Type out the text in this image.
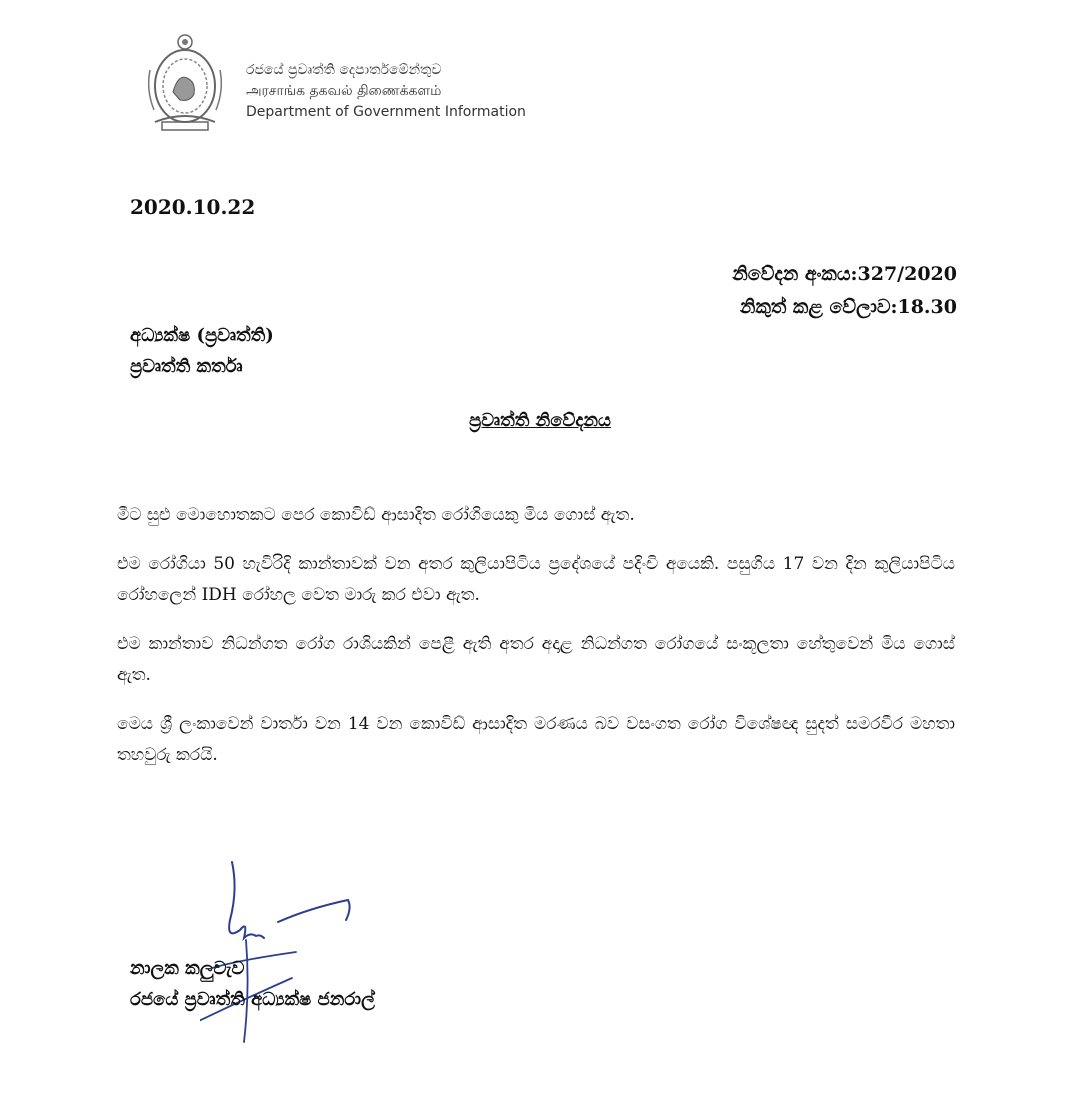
රජයේ ප්‍රවෘත්ති දෙපාර්තමේන්තුව
அரசாங்க தகவல் திணைக்களம்
Department of Government Information
2020.10.22
නිවේදන අංකය:327/2020
නිකුත් කළ වේලාව:18.30
අධ්‍යක්ෂ (ප්‍රවෘත්ති)
ප්‍රවෘත්ති කර්තෘ
ප්‍රවෘත්ති නිවේදනය

මීට සුළු මොහොතකට පෙර කොවිඩ් ආසාදිත රෝගියෙකු මිය ගොස් ඇත.

එම රෝගියා 50 හැවිරිදි කාන්තාවක් වන අතර කුලියාපිටිය ප්‍රදේශයේ පදිංචි අයෙකි. පසුගිය 17 වන දින කුලියාපිටිය රෝහලෙන් IDH රෝහල වෙත මාරු කර එවා ඇත.

එම කාන්තාව නිධන්ගත රෝග රාශියකින් පෙළී ඇති අතර අදාළ නිධන්ගත රෝගයේ සංකූලතා හේතුවෙන් මිය ගොස් ඇත.

මෙය ශ්‍රී ලංකාවෙන් වාර්තා වන 14 වන කොවිඩ් ආසාදිත මරණය බව වසංගත රෝග විශේෂඥ සුදත් සමරවීර මහතා තහවුරු කරයි.

නාලක කලුවැව
රජයේ ප්‍රවෘත්ති අධ්‍යක්ෂ ජනරාල්
